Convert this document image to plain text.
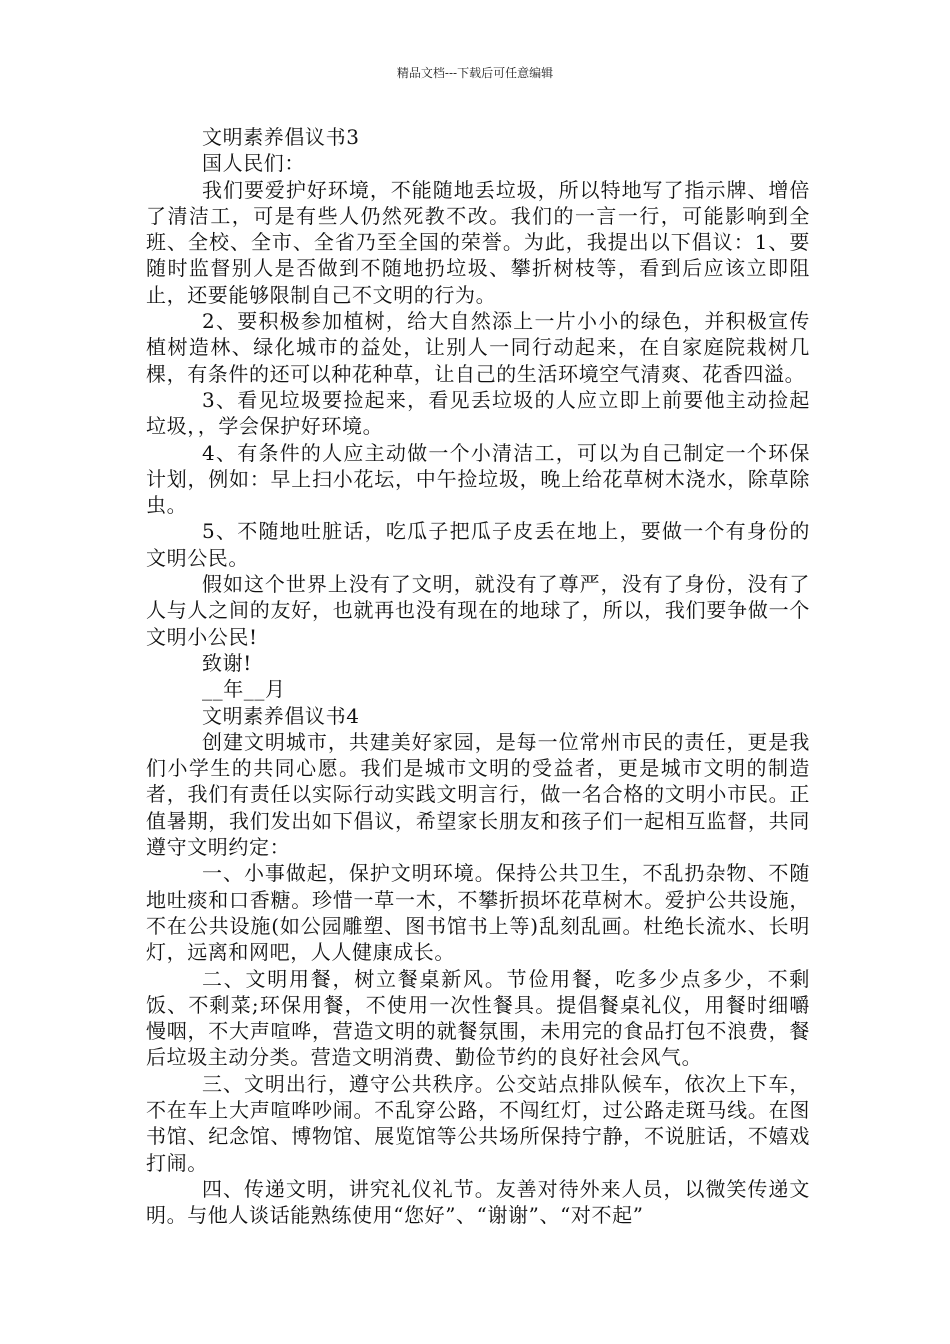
精品文档---下载后可任意编辑

文明素养倡议书3

国人民们：

我们要爱护好环境，不能随地丢垃圾，所以特地写了指示牌、增倍了清洁工，可是有些人仍然死教不改。我们的一言一行，可能影响到全班、全校、全市、全省乃至全国的荣誉。为此，我提出以下倡议：1、要随时监督别人是否做到不随地扔垃圾、攀折树枝等，看到后应该立即阻止，还要能够限制自己不文明的行为。

2、要积极参加植树，给大自然添上一片小小的绿色，并积极宣传植树造林、绿化城市的益处，让别人一同行动起来，在自家庭院栽树几棵，有条件的还可以种花种草，让自己的生活环境空气清爽、花香四溢。

3、看见垃圾要捡起来，看见丢垃圾的人应立即上前要他主动捡起垃圾，，学会保护好环境。

4、有条件的人应主动做一个小清洁工，可以为自己制定一个环保计划，例如：早上扫小花坛，中午捡垃圾，晚上给花草树木浇水，除草除虫。

5、不随地吐脏话，吃瓜子把瓜子皮丢在地上，要做一个有身份的文明公民。

假如这个世界上没有了文明，就没有了尊严，没有了身份，没有了人与人之间的友好，也就再也没有现在的地球了，所以，我们要争做一个文明小公民!

致谢!

__年__月

文明素养倡议书4

创建文明城市，共建美好家园，是每一位常州市民的责任，更是我们小学生的共同心愿。我们是城市文明的受益者，更是城市文明的制造者，我们有责任以实际行动实践文明言行，做一名合格的文明小市民。正值暑期，我们发出如下倡议，希望家长朋友和孩子们一起相互监督，共同遵守文明约定：

一、小事做起，保护文明环境。保持公共卫生，不乱扔杂物、不随地吐痰和口香糖。珍惜一草一木，不攀折损坏花草树木。爱护公共设施，不在公共设施(如公园雕塑、图书馆书上等)乱刻乱画。杜绝长流水、长明灯，远离和网吧，人人健康成长。

二、文明用餐，树立餐桌新风。节俭用餐，吃多少点多少，不剩饭、不剩菜;环保用餐，不使用一次性餐具。提倡餐桌礼仪，用餐时细嚼慢咽，不大声喧哗，营造文明的就餐氛围，未用完的食品打包不浪费，餐后垃圾主动分类。营造文明消费、勤俭节约的良好社会风气。

三、文明出行，遵守公共秩序。公交站点排队候车，依次上下车，不在车上大声喧哗吵闹。不乱穿公路，不闯红灯，过公路走斑马线。在图书馆、纪念馆、博物馆、展览馆等公共场所保持宁静，不说脏话，不嬉戏打闹。

四、传递文明，讲究礼仪礼节。友善对待外来人员，以微笑传递文明。与他人谈话能熟练使用“您好”、“谢谢”、“对不起”
